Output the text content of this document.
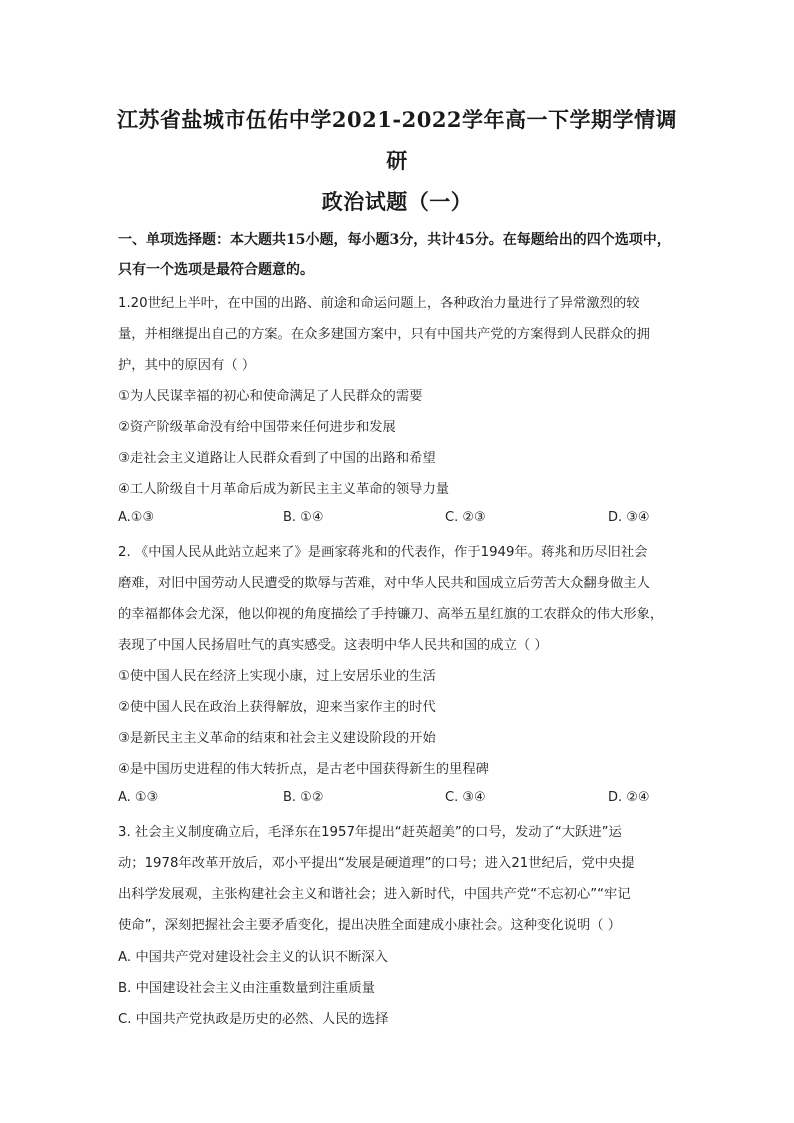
江苏省盐城市伍佑中学2021-2022学年高一下学期学情调
研
政治试题（一）
一、单项选择题：本大题共15小题，每小题3分，共计45分。在每题给出的四个选项中，
只有一个选项是最符合题意的。
1.20世纪上半叶，在中国的出路、前途和命运问题上，各种政治力量进行了异常激烈的较
量，并相继提出自己的方案。在众多建国方案中，只有中国共产党的方案得到人民群众的拥
护，其中的原因有（ ）
①为人民谋幸福的初心和使命满足了人民群众的需要
②资产阶级革命没有给中国带来任何进步和发展
③走社会主义道路让人民群众看到了中国的出路和希望
④工人阶级自十月革命后成为新民主主义革命的领导力量
A.①③	B. ①④	C. ②③	D. ③④
2. 《中国人民从此站立起来了》是画家蒋兆和的代表作，作于1949年。蒋兆和历尽旧社会
磨难，对旧中国劳动人民遭受的欺辱与苦难，对中华人民共和国成立后劳苦大众翻身做主人
的幸福都体会尤深，他以仰视的角度描绘了手持镰刀、高举五星红旗的工农群众的伟大形象，
表现了中国人民扬眉吐气的真实感受。这表明中华人民共和国的成立（ ）
①使中国人民在经济上实现小康，过上安居乐业的生活
②使中国人民在政治上获得解放，迎来当家作主的时代
③是新民主主义革命的结束和社会主义建设阶段的开始
④是中国历史进程的伟大转折点，是古老中国获得新生的里程碑
A. ①③	B. ①②	C. ③④	D. ②④
3. 社会主义制度确立后，毛泽东在1957年提出“赶英超美”的口号，发动了“大跃进”运
动；1978年改革开放后，邓小平提出“发展是硬道理”的口号；进入21世纪后，党中央提
出科学发展观，主张构建社会主义和谐社会；进入新时代，中国共产党“不忘初心”“牢记
使命”，深刻把握社会主要矛盾变化，提出决胜全面建成小康社会。这种变化说明（ ）
A. 中国共产党对建设社会主义的认识不断深入
B. 中国建设社会主义由注重数量到注重质量
C. 中国共产党执政是历史的必然、人民的选择
